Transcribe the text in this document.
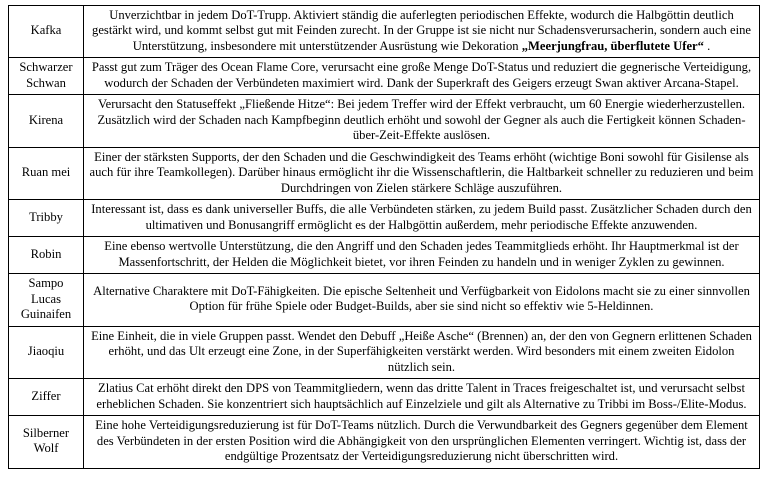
Kafka	Unverzichtbar in jedem DoT-Trupp. Aktiviert ständig die auferlegten periodischen Effekte, wodurch die Halbgöttin deutlich gestärkt wird, und kommt selbst gut mit Feinden zurecht. In der Gruppe ist sie nicht nur Schadensverursacherin, sondern auch eine Unterstützung, insbesondere mit unterstützender Ausrüstung wie Dekoration „Meerjungfrau, überflutete Ufer“ .

Schwarzer Schwan	Passt gut zum Träger des Ocean Flame Core, verursacht eine große Menge DoT-Status und reduziert die gegnerische Verteidigung, wodurch der Schaden der Verbündeten maximiert wird. Dank der Superkraft des Geigers erzeugt Swan aktiver Arcana-Stapel.

Kirena	Verursacht den Statuseffekt „Fließende Hitze“: Bei jedem Treffer wird der Effekt verbraucht, um 60 Energie wiederherzustellen. Zusätzlich wird der Schaden nach Kampfbeginn deutlich erhöht und sowohl der Gegner als auch die Fertigkeit können Schaden-über-Zeit-Effekte auslösen.

Ruan mei	Einer der stärksten Supports, der den Schaden und die Geschwindigkeit des Teams erhöht (wichtige Boni sowohl für Gisilense als auch für ihre Teamkollegen). Darüber hinaus ermöglicht ihr die Wissenschaftlerin, die Haltbarkeit schneller zu reduzieren und beim Durchdringen von Zielen stärkere Schläge auszuführen.

Tribby	Interessant ist, dass es dank universeller Buffs, die alle Verbündeten stärken, zu jedem Build passt. Zusätzlicher Schaden durch den ultimativen und Bonusangriff ermöglicht es der Halbgöttin außerdem, mehr periodische Effekte anzuwenden.

Robin	Eine ebenso wertvolle Unterstützung, die den Angriff und den Schaden jedes Teammitglieds erhöht. Ihr Hauptmerkmal ist der Massenfortschritt, der Helden die Möglichkeit bietet, vor ihren Feinden zu handeln und in weniger Zyklen zu gewinnen.

Sampo Lucas Guinaifen	Alternative Charaktere mit DoT-Fähigkeiten. Die epische Seltenheit und Verfügbarkeit von Eidolons macht sie zu einer sinnvollen Option für frühe Spiele oder Budget-Builds, aber sie sind nicht so effektiv wie 5-Heldinnen.

Jiaoqiu	Eine Einheit, die in viele Gruppen passt. Wendet den Debuff „Heiße Asche“ (Brennen) an, der den von Gegnern erlittenen Schaden erhöht, und das Ult erzeugt eine Zone, in der Superfähigkeiten verstärkt werden. Wird besonders mit einem zweiten Eidolon nützlich sein.

Ziffer	Zlatius Cat erhöht direkt den DPS von Teammitgliedern, wenn das dritte Talent in Traces freigeschaltet ist, und verursacht selbst erheblichen Schaden. Sie konzentriert sich hauptsächlich auf Einzelziele und gilt als Alternative zu Tribbi im Boss-/Elite-Modus.

Silberner Wolf	Eine hohe Verteidigungsreduzierung ist für DoT-Teams nützlich. Durch die Verwundbarkeit des Gegners gegenüber dem Element des Verbündeten in der ersten Position wird die Abhängigkeit von den ursprünglichen Elementen verringert. Wichtig ist, dass der endgültige Prozentsatz der Verteidigungsreduzierung nicht überschritten wird.
